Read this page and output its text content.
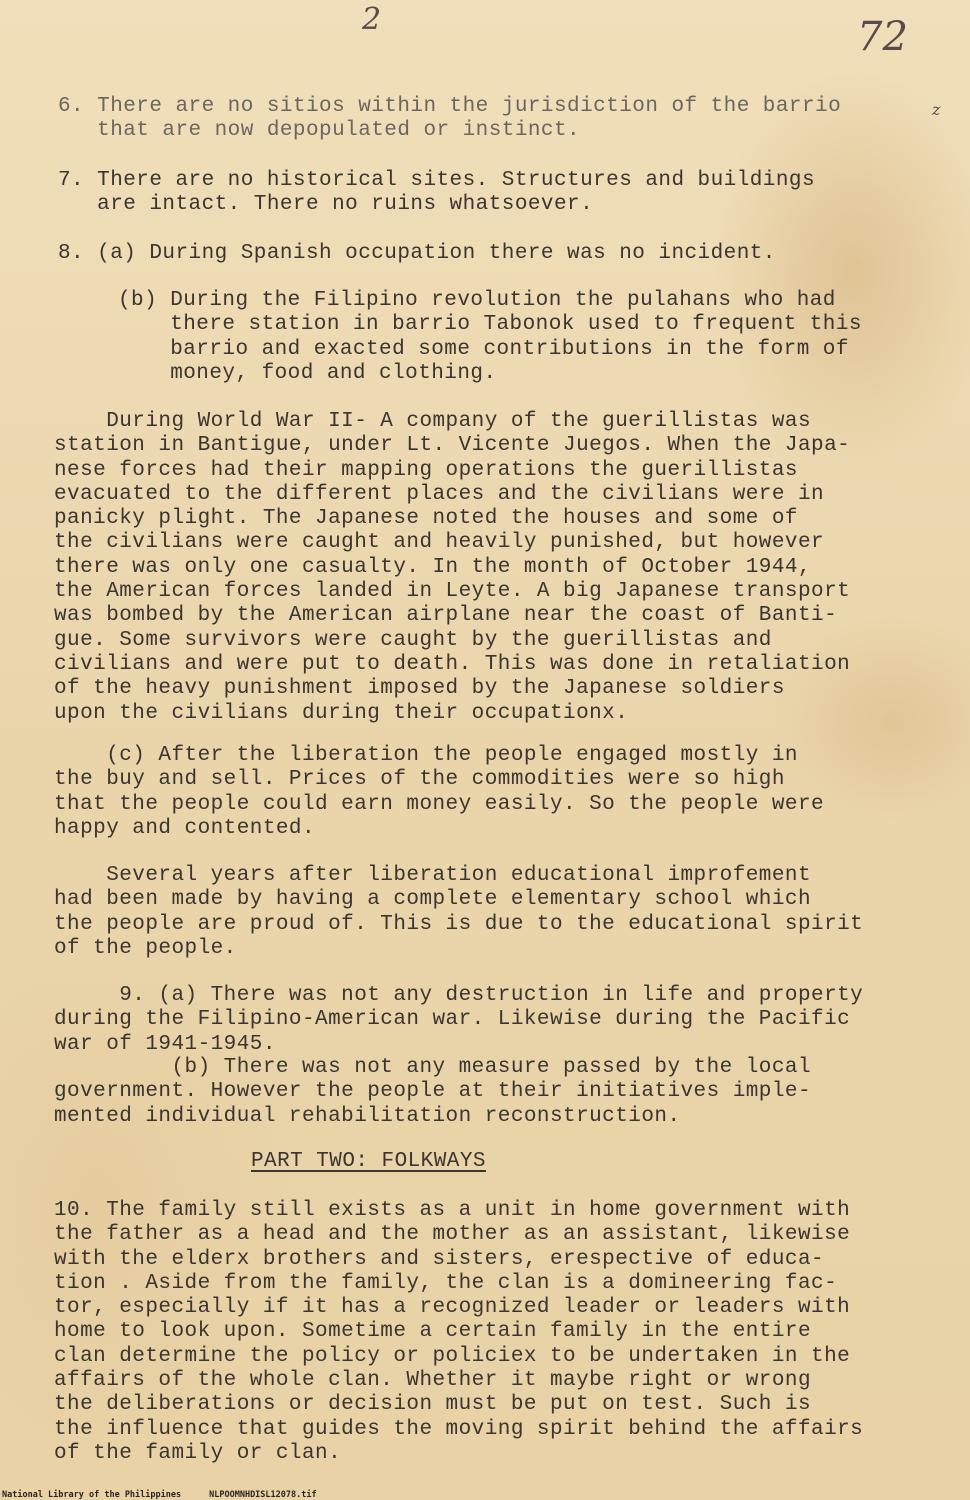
2	72
z
6. There are no sitios within the jurisdiction of the barrio
that are now depopulated or instinct.
7. There are no historical sites. Structures and buildings
are intact. There no ruins whatsoever.
8. (a) During Spanish occupation there was no incident.
(b) During the Filipino revolution the pulahans who had
there station in barrio Tabonok used to frequent this
barrio and exacted some contributions in the form of
money, food and clothing.
During World War II- A company of the guerillistas was
station in Bantigue, under Lt. Vicente Juegos. When the Japa-
nese forces had their mapping operations the guerillistas
evacuated to the different places and the civilians were in
panicky plight. The Japanese noted the houses and some of
the civilians were caught and heavily punished, but however
there was only one casualty. In the month of October 1944,
the American forces landed in Leyte. A big Japanese transport
was bombed by the American airplane near the coast of Banti-
gue. Some survivors were caught by the guerillistas and
civilians and were put to death. This was done in retaliation
of the heavy punishment imposed by the Japanese soldiers
upon the civilians during their occupationx.
(c) After the liberation the people engaged mostly in
the buy and sell. Prices of the commodities were so high
that the people could earn money easily. So the people were
happy and contented.
Several years after liberation educational improfement
had been made by having a complete elementary school which
the people are proud of. This is due to the educational spirit
of the people.
9. (a) There was not any destruction in life and property
during the Filipino-American war. Likewise during the Pacific
war of 1941-1945.
(b) There was not any measure passed by the local
government. However the people at their initiatives imple-
mented individual rehabilitation reconstruction.
PART TWO: FOLKWAYS
10. The family still exists as a unit in home government with
the father as a head and the mother as an assistant, likewise
with the elderx brothers and sisters, erespective of educa-
tion . Aside from the family, the clan is a domineering fac-
tor, especially if it has a recognized leader or leaders with
home to look upon. Sometime a certain family in the entire
clan determine the policy or policiex to be undertaken in the
affairs of the whole clan. Whether it maybe right or wrong
the deliberations or decision must be put on test. Such is
the influence that guides the moving spirit behind the affairs
of the family or clan.
National Library of the Philippines	NLPOOMNHDISL12078.tif
